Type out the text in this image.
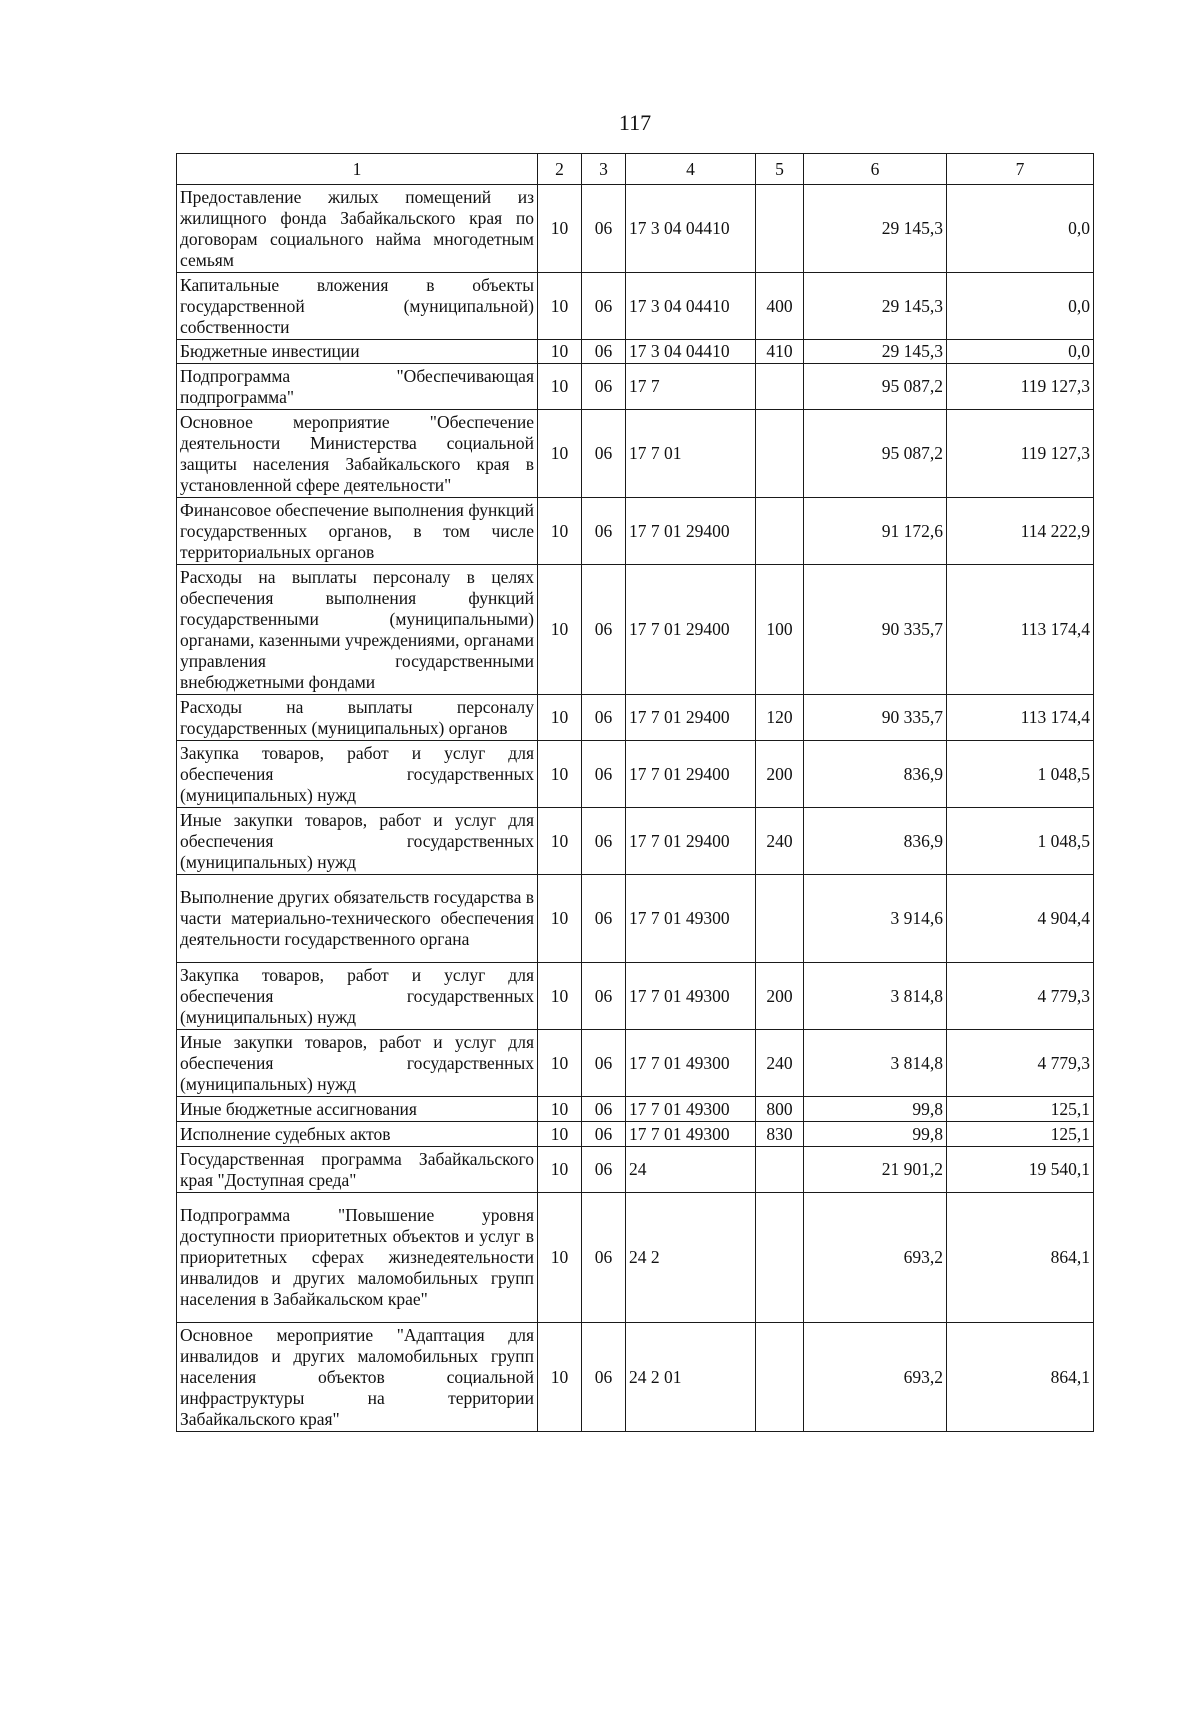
117
1	2	3	4	5	6	7
Предоставление жилых помещений из жилищного фонда Забайкальского края по договорам социального найма многодетным семьям	10	06	17 3 04 04410		29 145,3	0,0
Капитальные вложения в объекты государственной (муниципальной) собственности	10	06	17 3 04 04410	400	29 145,3	0,0
Бюджетные инвестиции	10	06	17 3 04 04410	410	29 145,3	0,0
Подпрограмма "Обеспечивающая подпрограмма"	10	06	17 7		95 087,2	119 127,3
Основное мероприятие "Обеспечение деятельности Министерства социальной защиты населения Забайкальского края в установленной сфере деятельности"	10	06	17 7 01		95 087,2	119 127,3
Финансовое обеспечение выполнения функций государственных органов, в том числе территориальных органов	10	06	17 7 01 29400		91 172,6	114 222,9
Расходы на выплаты персоналу в целях обеспечения выполнения функций государственными (муниципальными) органами, казенными учреждениями, органами управления государственными внебюджетными фондами	10	06	17 7 01 29400	100	90 335,7	113 174,4
Расходы на выплаты персоналу государственных (муниципальных) органов	10	06	17 7 01 29400	120	90 335,7	113 174,4
Закупка товаров, работ и услуг для обеспечения государственных (муниципальных) нужд	10	06	17 7 01 29400	200	836,9	1 048,5
Иные закупки товаров, работ и услуг для обеспечения государственных (муниципальных) нужд	10	06	17 7 01 29400	240	836,9	1 048,5
Выполнение других обязательств государства в части материально-технического обеспечения деятельности государственного органа	10	06	17 7 01 49300		3 914,6	4 904,4
Закупка товаров, работ и услуг для обеспечения государственных (муниципальных) нужд	10	06	17 7 01 49300	200	3 814,8	4 779,3
Иные закупки товаров, работ и услуг для обеспечения государственных (муниципальных) нужд	10	06	17 7 01 49300	240	3 814,8	4 779,3
Иные бюджетные ассигнования	10	06	17 7 01 49300	800	99,8	125,1
Исполнение судебных актов	10	06	17 7 01 49300	830	99,8	125,1
Государственная программа Забайкальского края "Доступная среда"	10	06	24		21 901,2	19 540,1
Подпрограмма "Повышение уровня доступности приоритетных объектов и услуг в приоритетных сферах жизнедеятельности инвалидов и других маломобильных групп населения в Забайкальском крае"	10	06	24 2		693,2	864,1
Основное мероприятие "Адаптация для инвалидов и других маломобильных групп населения объектов социальной инфраструктуры на территории Забайкальского края"	10	06	24 2 01		693,2	864,1
